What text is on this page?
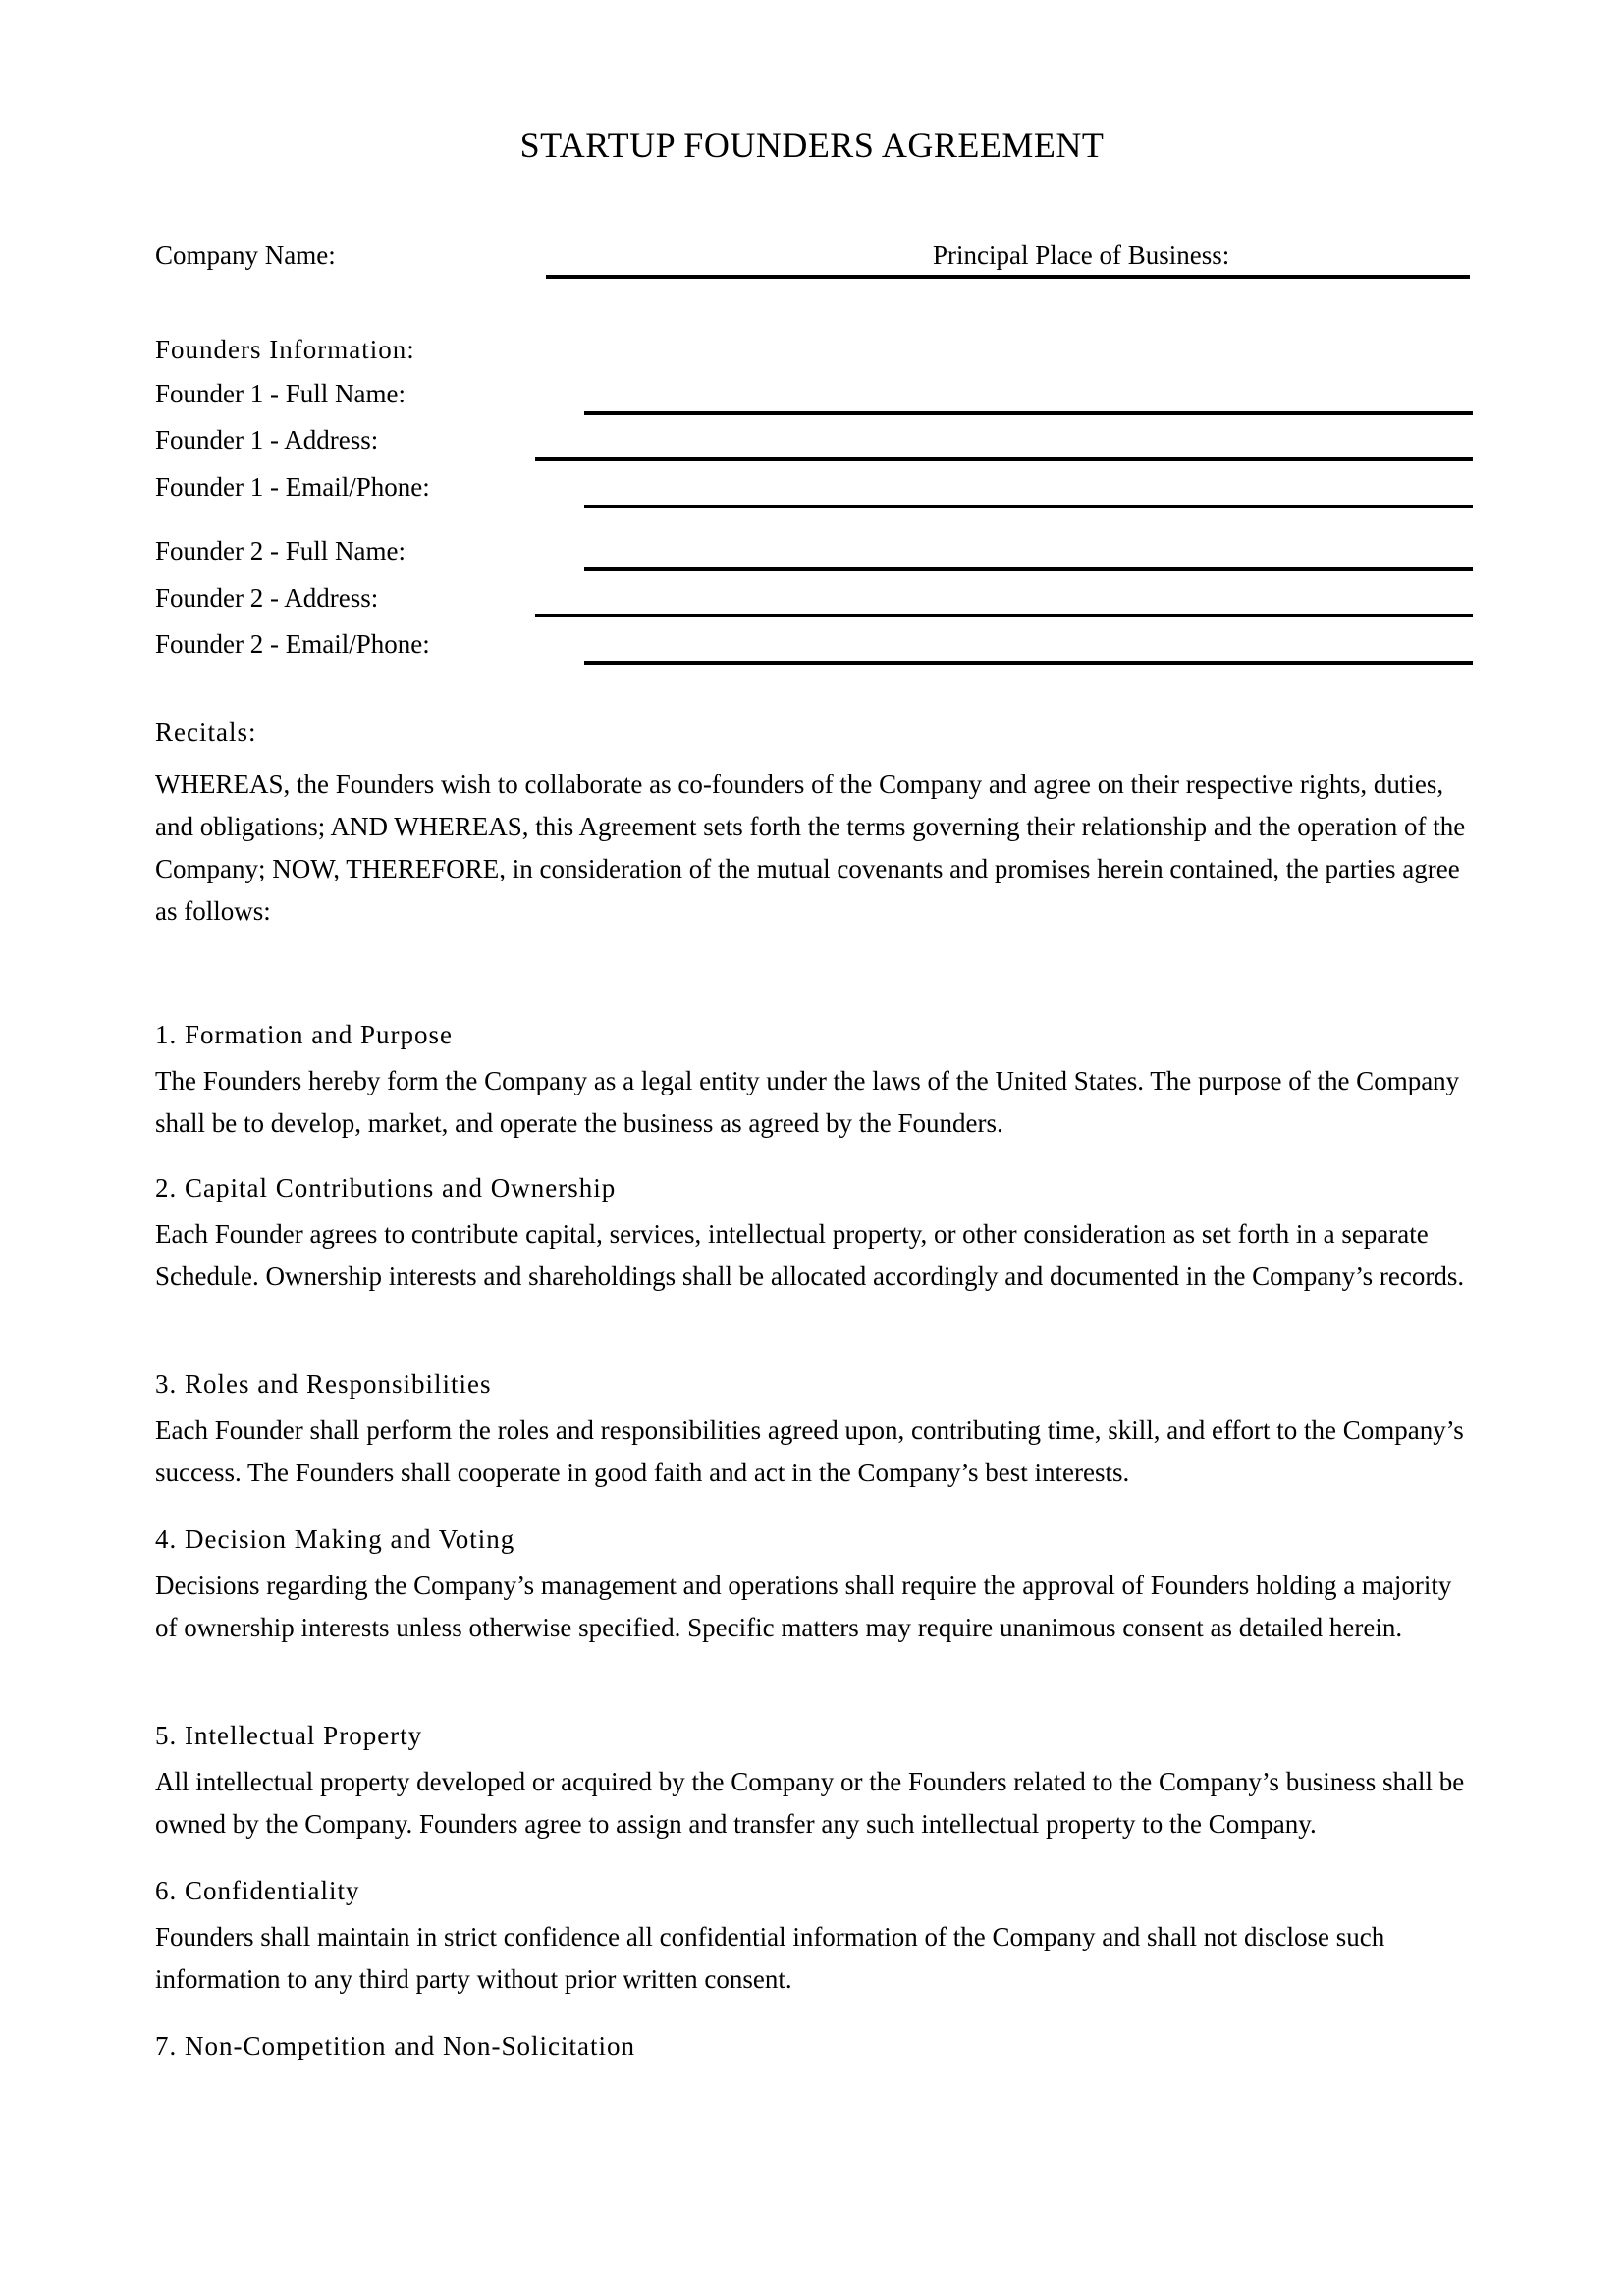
STARTUP FOUNDERS AGREEMENT
Company Name:	Principal Place of Business:
Founders Information:
Founder 1 - Full Name:
Founder 1 - Address:
Founder 1 - Email/Phone:
Founder 2 - Full Name:
Founder 2 - Address:
Founder 2 - Email/Phone:
Recitals:
WHEREAS, the Founders wish to collaborate as co-founders of the Company and agree on their respective rights, duties, and obligations; AND WHEREAS, this Agreement sets forth the terms governing their relationship and the operation of the Company; NOW, THEREFORE, in consideration of the mutual covenants and promises herein contained, the parties agree as follows:
1. Formation and Purpose
The Founders hereby form the Company as a legal entity under the laws of the United States. The purpose of the Company shall be to develop, market, and operate the business as agreed by the Founders.
2. Capital Contributions and Ownership
Each Founder agrees to contribute capital, services, intellectual property, or other consideration as set forth in a separate Schedule. Ownership interests and shareholdings shall be allocated accordingly and documented in the Company’s records.
3. Roles and Responsibilities
Each Founder shall perform the roles and responsibilities agreed upon, contributing time, skill, and effort to the Company’s success. The Founders shall cooperate in good faith and act in the Company’s best interests.
4. Decision Making and Voting
Decisions regarding the Company’s management and operations shall require the approval of Founders holding a majority of ownership interests unless otherwise specified. Specific matters may require unanimous consent as detailed herein.
5. Intellectual Property
All intellectual property developed or acquired by the Company or the Founders related to the Company’s business shall be owned by the Company. Founders agree to assign and transfer any such intellectual property to the Company.
6. Confidentiality
Founders shall maintain in strict confidence all confidential information of the Company and shall not disclose such information to any third party without prior written consent.
7. Non-Competition and Non-Solicitation
